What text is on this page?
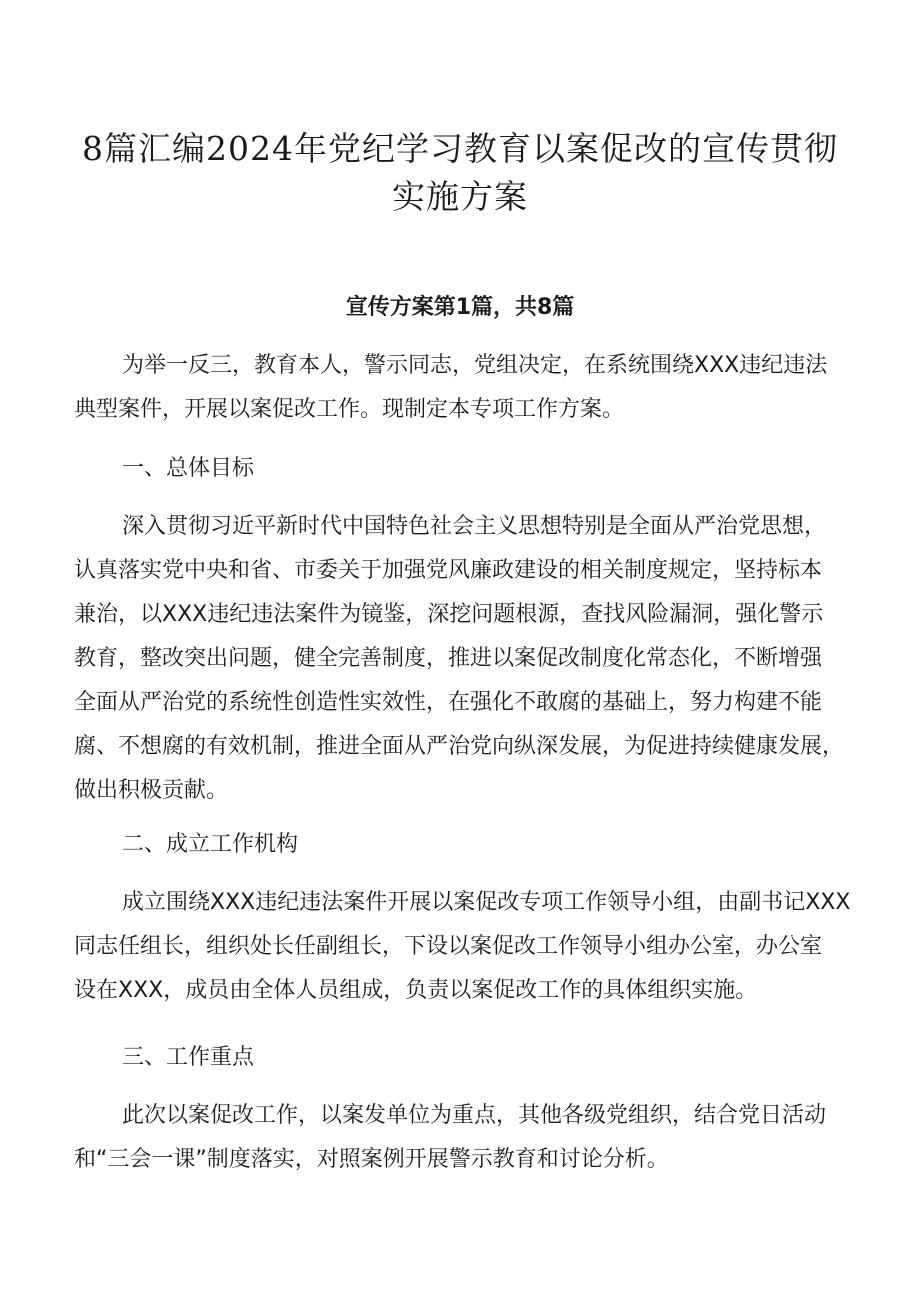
8篇汇编2024年党纪学习教育以案促改的宣传贯彻
实施方案
宣传方案第1篇，共8篇

为举一反三，教育本人，警示同志，党组决定，在系统围绕XXX违纪违法
典型案件，开展以案促改工作。现制定本专项工作方案。

一、总体目标

深入贯彻习近平新时代中国特色社会主义思想特别是全面从严治党思想，
认真落实党中央和省、市委关于加强党风廉政建设的相关制度规定，坚持标本
兼治，以XXX违纪违法案件为镜鉴，深挖问题根源，查找风险漏洞，强化警示
教育，整改突出问题，健全完善制度，推进以案促改制度化常态化，不断增强
全面从严治党的系统性创造性实效性，在强化不敢腐的基础上，努力构建不能
腐、不想腐的有效机制，推进全面从严治党向纵深发展，为促进持续健康发展，
做出积极贡献。

二、成立工作机构

成立围绕XXX违纪违法案件开展以案促改专项工作领导小组，由副书记XXX
同志任组长，组织处长任副组长，下设以案促改工作领导小组办公室，办公室
设在XXX，成员由全体人员组成，负责以案促改工作的具体组织实施。

三、工作重点

此次以案促改工作，以案发单位为重点，其他各级党组织，结合党日活动
和“三会一课”制度落实，对照案例开展警示教育和讨论分析。
